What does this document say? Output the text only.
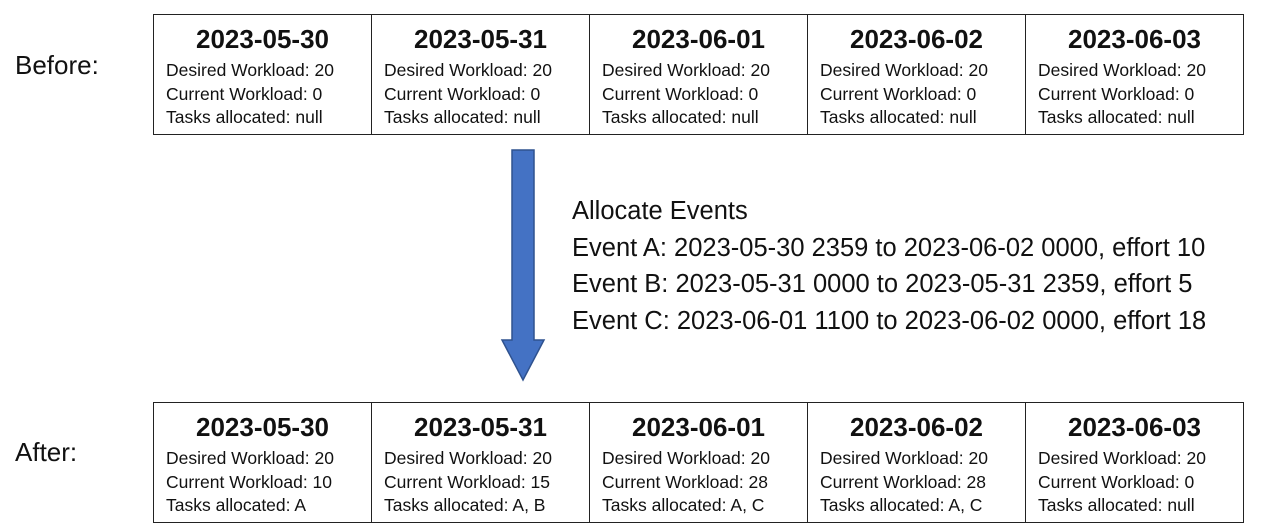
Before:
2023-05-30
Desired Workload: 20
Current Workload: 0
Tasks allocated: null
2023-05-31
Desired Workload: 20
Current Workload: 0
Tasks allocated: null
2023-06-01
Desired Workload: 20
Current Workload: 0
Tasks allocated: null
2023-06-02
Desired Workload: 20
Current Workload: 0
Tasks allocated: null
2023-06-03
Desired Workload: 20
Current Workload: 0
Tasks allocated: null
Allocate Events
Event A: 2023-05-30 2359 to 2023-06-02 0000, effort 10
Event B: 2023-05-31 0000 to 2023-05-31 2359, effort 5
Event C: 2023-06-01 1100 to 2023-06-02 0000, effort 18
After:
2023-05-30
Desired Workload: 20
Current Workload: 10
Tasks allocated: A
2023-05-31
Desired Workload: 20
Current Workload: 15
Tasks allocated: A, B
2023-06-01
Desired Workload: 20
Current Workload: 28
Tasks allocated: A, C
2023-06-02
Desired Workload: 20
Current Workload: 28
Tasks allocated: A, C
2023-06-03
Desired Workload: 20
Current Workload: 0
Tasks allocated: null
